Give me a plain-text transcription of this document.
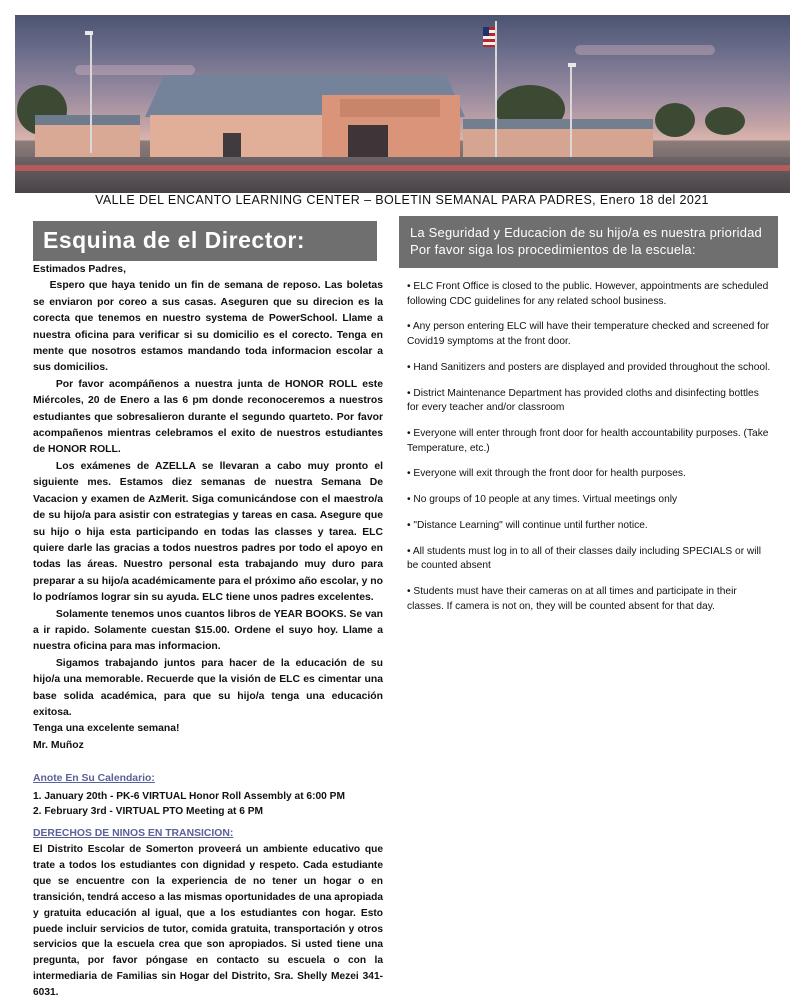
VALLE DEL ENCANTO LEARNING CENTER – BOLETIN SEMANAL PARA PADRES, Enero 18 del 2021
Esquina de el Director:

Estimados Padres,

Espero que haya tenido un fin de semana de reposo. Las boletas se enviaron por coreo a sus casas. Aseguren que su direcion es la corecta que tenemos en nuestro systema de PowerSchool. Llame a nuestra oficina para verificar si su domicilio es el corecto. Tenga en mente que nosotros estamos mandando toda informacion escolar a sus domicilios.

Por favor acompáñenos a nuestra junta de HONOR ROLL este Miércoles, 20 de Enero a las 6 pm donde reconoceremos a nuestros estudiantes que sobresalieron durante el segundo quarteto. Por favor acompañenos mientras celebramos el exito de nuestros estudiantes de HONOR ROLL.

Los exámenes de AZELLA se llevaran a cabo muy pronto el siguiente mes. Estamos diez semanas de nuestra Semana De Vacacion y examen de AzMerit. Siga comunicándose con el maestro/a de su hijo/a para asistir con estrategias y tareas en casa. Asegure que su hijo o hija esta participando en todas las classes y tarea. ELC quiere darle las gracias a todos nuestros padres por todo el apoyo en todas las áreas. Nuestro personal esta trabajando muy duro para preparar a su hijo/a académicamente para el próximo año escolar, y no lo podríamos lograr sin su ayuda. ELC tiene unos padres excelentes.

Solamente tenemos unos cuantos libros de YEAR BOOKS. Se van a ir rapido. Solamente cuestan $15.00. Ordene el suyo hoy. Llame a nuestra oficina para mas informacion.

Sigamos trabajando juntos para hacer de la educación de su hijo/a una memorable. Recuerde que la visión de ELC es cimentar una base solida académica, para que su hijo/a tenga una educación exitosa.

Tenga una excelente semana!

Mr. Muñoz

Anote En Su Calendario:
1. January 20th - PK-6 VIRTUAL Honor Roll Assembly at 6:00 PM
2. February 3rd - VIRTUAL PTO Meeting at 6 PM
DERECHOS DE NINOS EN TRANSICION:
El Distrito Escolar de Somerton proveerá un ambiente educativo que trate a todos los estudiantes con dignidad y respeto. Cada estudiante que se encuentre con la experiencia de no tener un hogar o en transición, tendrá acceso a las mismas oportunidades de una apropiada y gratuita educación al igual, que a los estudiantes con hogar. Esto puede incluir servicios de tutor, comida gratuita, transportación y otros servicios que la escuela crea que son apropiados. Si usted tiene una pregunta, por favor póngase en contacto su escuela o con la intermediaria de Familias sin Hogar del Distrito, Sra. Shelly Mezei 341-6031.
La Seguridad y Educacion de su hijo/a es nuestra prioridad
Por favor siga los procedimientos de la escuela:
• ELC Front Office is closed to the public. However, appointments are scheduled following CDC guidelines for any related school business.
• Any person entering ELC will have their temperature checked and screened for Covid19 symptoms at the front door.
• Hand Sanitizers and posters are displayed and provided throughout the school.
• District Maintenance Department has provided cloths and disinfecting bottles for every teacher and/or classroom
• Everyone will enter through front door for health accountability purposes. (Take Temperature, etc.)
• Everyone will exit through the front door for health purposes.
• No groups of 10 people at any times. Virtual meetings only
• "Distance Learning" will continue until further notice.
• All students must log in to all of their classes daily including SPECIALS or will be counted absent
• Students must have their cameras on at all times and participate in their classes. If camera is not on, they will be counted absent for that day.
